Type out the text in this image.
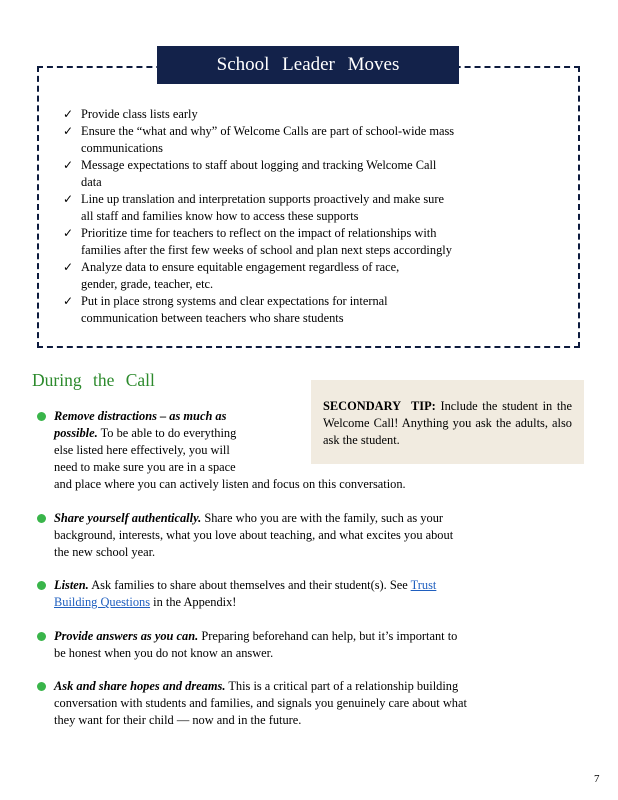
School Leader Moves
✓ Provide class lists early
✓ Ensure the “what and why” of Welcome Calls are part of school-wide mass
communications
✓ Message expectations to staff about logging and tracking Welcome Call
data
✓ Line up translation and interpretation supports proactively and make sure
all staff and families know how to access these supports
✓ Prioritize time for teachers to reflect on the impact of relationships with
families after the first few weeks of school and plan next steps accordingly
✓ Analyze data to ensure equitable engagement regardless of race,
gender, grade, teacher, etc.
✓ Put in place strong systems and clear expectations for internal
communication between teachers who share students
During the Call
SECONDARY TIP: Include the student in the Welcome Call! Anything you ask the adults, also ask the student.
Remove distractions – as much as
possible. To be able to do everything
else listed here effectively, you will
need to make sure you are in a space
and place where you can actively listen and focus on this conversation.
Share yourself authentically. Share who you are with the family, such as your
background, interests, what you love about teaching, and what excites you about
the new school year.
Listen. Ask families to share about themselves and their student(s). See Trust
Building Questions in the Appendix!
Provide answers as you can. Preparing beforehand can help, but it’s important to
be honest when you do not know an answer.
Ask and share hopes and dreams. This is a critical part of a relationship building
conversation with students and families, and signals you genuinely care about what
they want for their child — now and in the future.
7
